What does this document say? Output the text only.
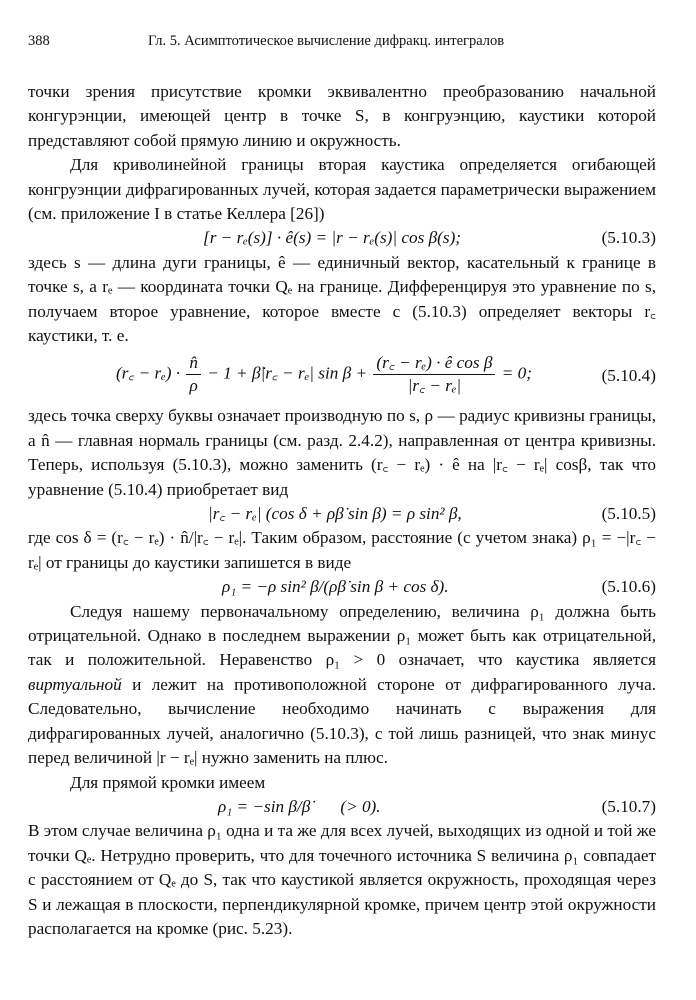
388	Гл. 5. Асимптотическое вычисление дифракц. интегралов

точки зрения присутствие кромки эквивалентно преобразованию начальной конгурэнции, имеющей центр в точке S, в конгруэнцию, каустики которой представляют собой прямую линию и окружность.

Для криволинейной границы вторая каустика определяется огибающей конгруэнции дифрагированных лучей, которая задается параметрически выражением (см. приложение I в статье Келлера [26])

[r − rₑ(s)] · ê(s) = |r − rₑ(s)| cos β(s);	(5.10.3)

здесь s — длина дуги границы, ê — единичный вектор, касательный к границе в точке s, а rₑ — координата точки Qₑ на границе. Дифференцируя это уравнение по s, получаем второе уравнение, которое вместе с (5.10.3) определяет векторы r꜀ каустики, т. е.

(r꜀ − $r_e) \cdot \frac{n̂}{\rho} - 1$ + β̇|r꜀ − rₑ| $\sin \beta + \frac{\text{(r꜀ − rₑ) · ê cos β}}{\text{|r꜀ − rₑ|}} = 0$;	(5.10.4)

здесь точка сверху буквы означает производную по s, ρ — радиус кривизны границы, а n̂ — главная нормаль границы (см. разд. 2.4.2), направленная от центра кривизны. Теперь, используя (5.10.3), можно заменить (r꜀ − rₑ) · ê на |r꜀ − rₑ| cosβ, так что уравнение (5.10.4) приобретает вид

|r꜀ − rₑ| (cos δ + ρβ̇ sin β) = ρ sin² β,	(5.10.5)

где cos δ = (r꜀ − rₑ) · n̂/|r꜀ − rₑ|. Таким образом, расстояние (с учетом знака) ρ₁ = −|r꜀ − rₑ| от границы до каустики запишется в виде

ρ₁ = −ρ sin² β/(ρβ̇ sin β + cos δ).	(5.10.6)

Следуя нашему первоначальному определению, величина ρ₁ должна быть отрицательной. Однако в последнем выражении ρ₁ может быть как отрицательной, так и положительной. Неравенство ρ₁ > 0 означает, что каустика является виртуальной и лежит на противоположной стороне от дифрагированного луча. Следовательно, вычисление необходимо начинать с выражения для дифрагированных лучей, аналогично (5.10.3), с той лишь разницей, что знак минус перед величиной |r − rₑ| нужно заменить на плюс.

Для прямой кромки имеем

ρ₁ = −sin β/β̇       (> 0).	(5.10.7)

В этом случае величина ρ₁ одна и та же для всех лучей, выходящих из одной и той же точки Qₑ. Нетрудно проверить, что для точечного источника S величина ρ₁ совпадает с расстоянием от Qₑ до S, так что каустикой является окружность, проходящая через S и лежащая в плоскости, перпендикулярной кромке, причем центр этой окружности располагается на кромке (рис. 5.23).
